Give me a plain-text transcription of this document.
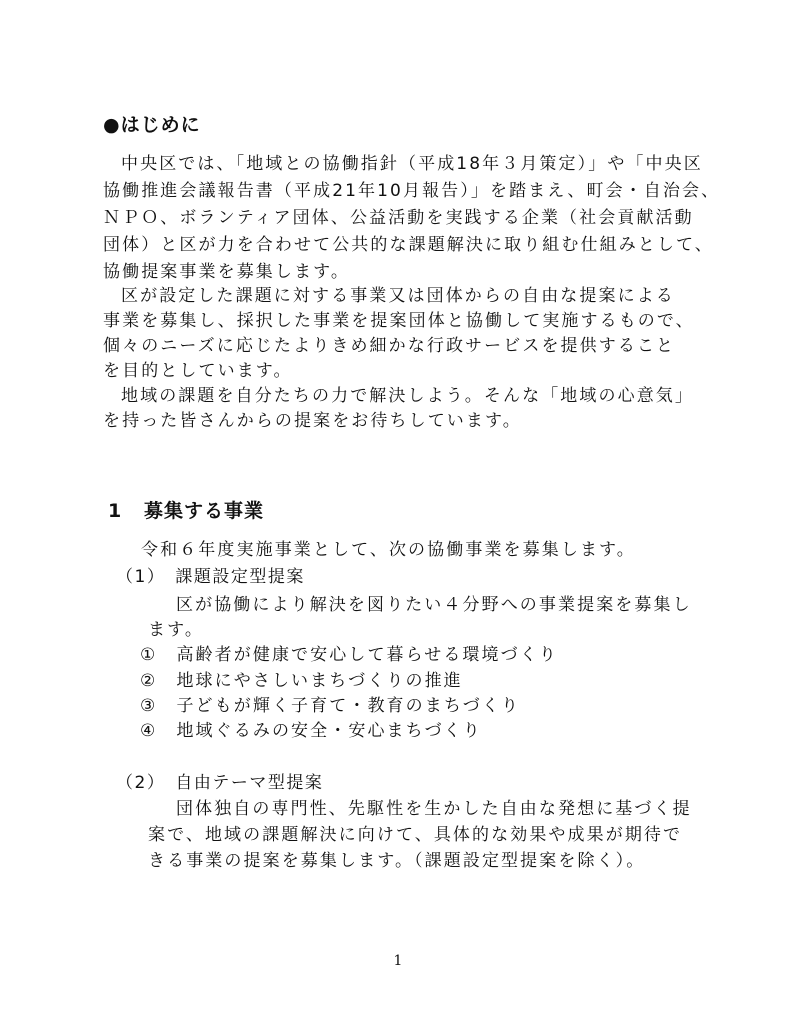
●はじめに
中央区では、「地域との協働指針（平成18年３月策定）」や「中央区
協働推進会議報告書（平成21年10月報告）」を踏まえ、町会・自治会、
ＮＰＯ、ボランティア団体、公益活動を実践する企業（社会貢献活動
団体）と区が力を合わせて公共的な課題解決に取り組む仕組みとして、
協働提案事業を募集します。
区が設定した課題に対する事業又は団体からの自由な提案による
事業を募集し、採択した事業を提案団体と協働して実施するもので、
個々のニーズに応じたよりきめ細かな行政サービスを提供すること
を目的としています。
地域の課題を自分たちの力で解決しよう。そんな「地域の心意気」
を持った皆さんからの提案をお待ちしています。
1 募集する事業
令和６年度実施事業として、次の協働事業を募集します。
（1）　課題設定型提案
区が協働により解決を図りたい４分野への事業提案を募集し
ます。
①　高齢者が健康で安心して暮らせる環境づくり
②　地球にやさしいまちづくりの推進
③　子どもが輝く子育て・教育のまちづくり
④　地域ぐるみの安全・安心まちづくり
（2）　自由テーマ型提案
団体独自の専門性、先駆性を生かした自由な発想に基づく提
案で、地域の課題解決に向けて、具体的な効果や成果が期待で
きる事業の提案を募集します。（課題設定型提案を除く）。
1
